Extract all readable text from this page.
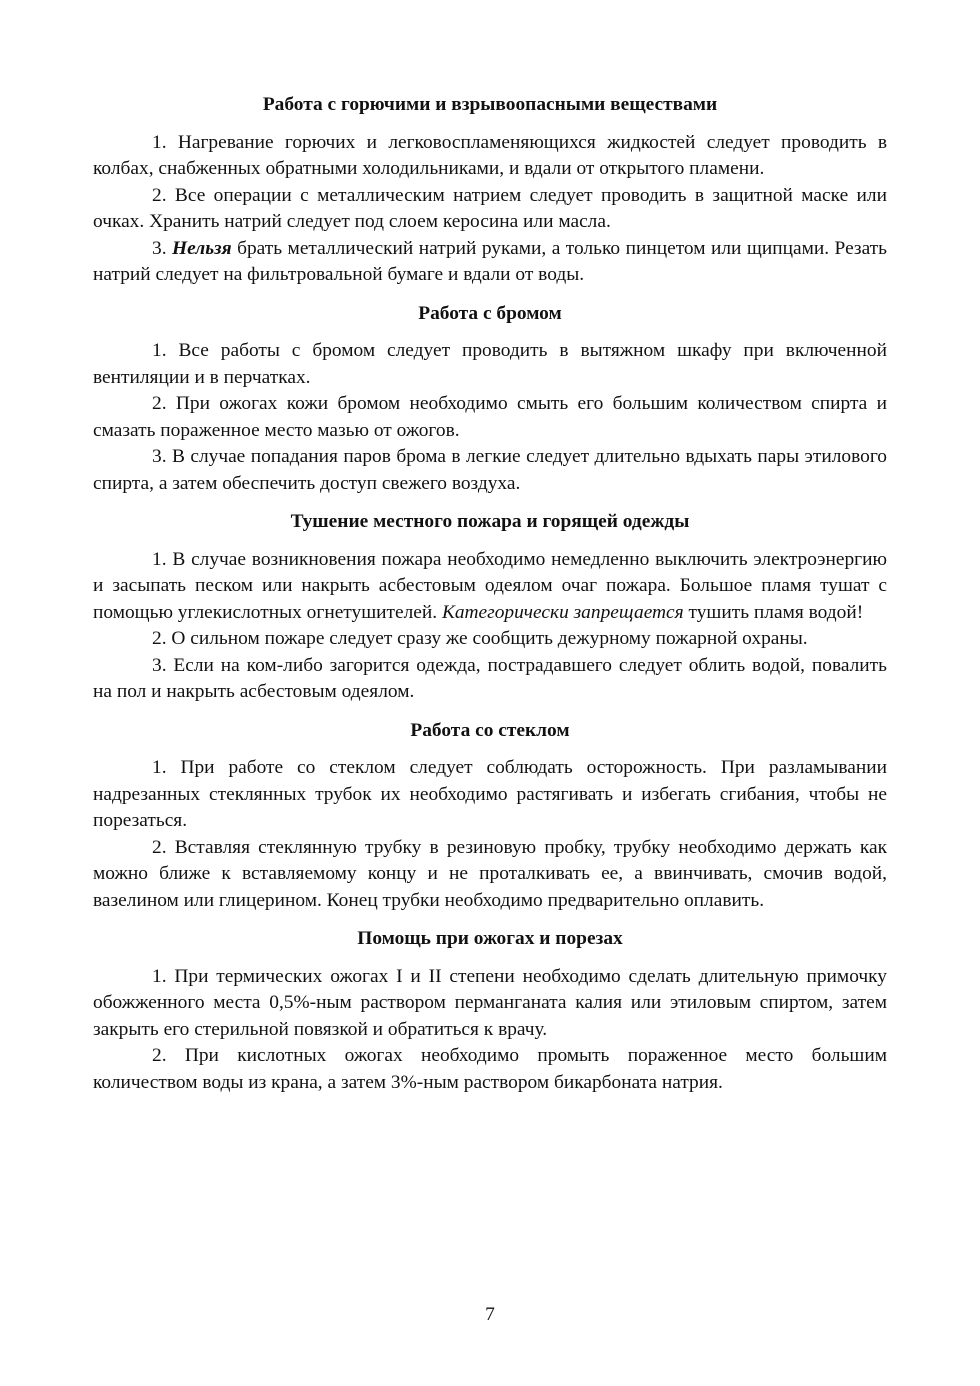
Работа с горючими и взрывоопасными веществами

1. Нагревание горючих и легковоспламеняющихся жидкостей следует проводить в колбах, снабженных обратными холодильниками, и вдали от открытого пламени.

2. Все операции с металлическим натрием следует проводить в защитной маске или очках. Хранить натрий следует под слоем керосина или масла.

3. Нельзя брать металлический натрий руками, а только пинцетом или щипцами. Резать натрий следует на фильтровальной бумаге и вдали от воды.

Работа с бромом

1. Все работы с бромом следует проводить в вытяжном шкафу при включенной вентиляции и в перчатках.

2. При ожогах кожи бромом необходимо смыть его большим количеством спирта и смазать пораженное место мазью от ожогов.

3. В случае попадания паров брома в легкие следует длительно вдыхать пары этилового спирта, а затем обеспечить доступ свежего воздуха.

Тушение местного пожара и горящей одежды

1. В случае возникновения пожара необходимо немедленно выключить электроэнергию и засыпать песком или накрыть асбестовым одеялом очаг пожара. Большое пламя тушат с помощью углекислотных огнетушителей. Категорически запрещается тушить пламя водой!

2. О сильном пожаре следует сразу же сообщить дежурному пожарной охраны.

3. Если на ком-либо загорится одежда, пострадавшего следует облить водой, повалить на пол и накрыть асбестовым одеялом.

Работа со стеклом

1. При работе со стеклом следует соблюдать осторожность. При разламывании надрезанных стеклянных трубок их необходимо растягивать и избегать сгибания, чтобы не порезаться.

2. Вставляя стеклянную трубку в резиновую пробку, трубку необходимо держать как можно ближе к вставляемому концу и не проталкивать ее, а ввинчивать, смочив водой, вазелином или глицерином. Конец трубки необходимо предварительно оплавить.

Помощь при ожогах и порезах

1. При термических ожогах I и II степени необходимо сделать длительную примочку обожженного места 0,5%-ным раствором перманганата калия или этиловым спиртом, затем закрыть его стерильной повязкой и обратиться к врачу.

2. При кислотных ожогах необходимо промыть пораженное место большим количеством воды из крана, а затем 3%-ным раствором бикарбоната натрия.

7
